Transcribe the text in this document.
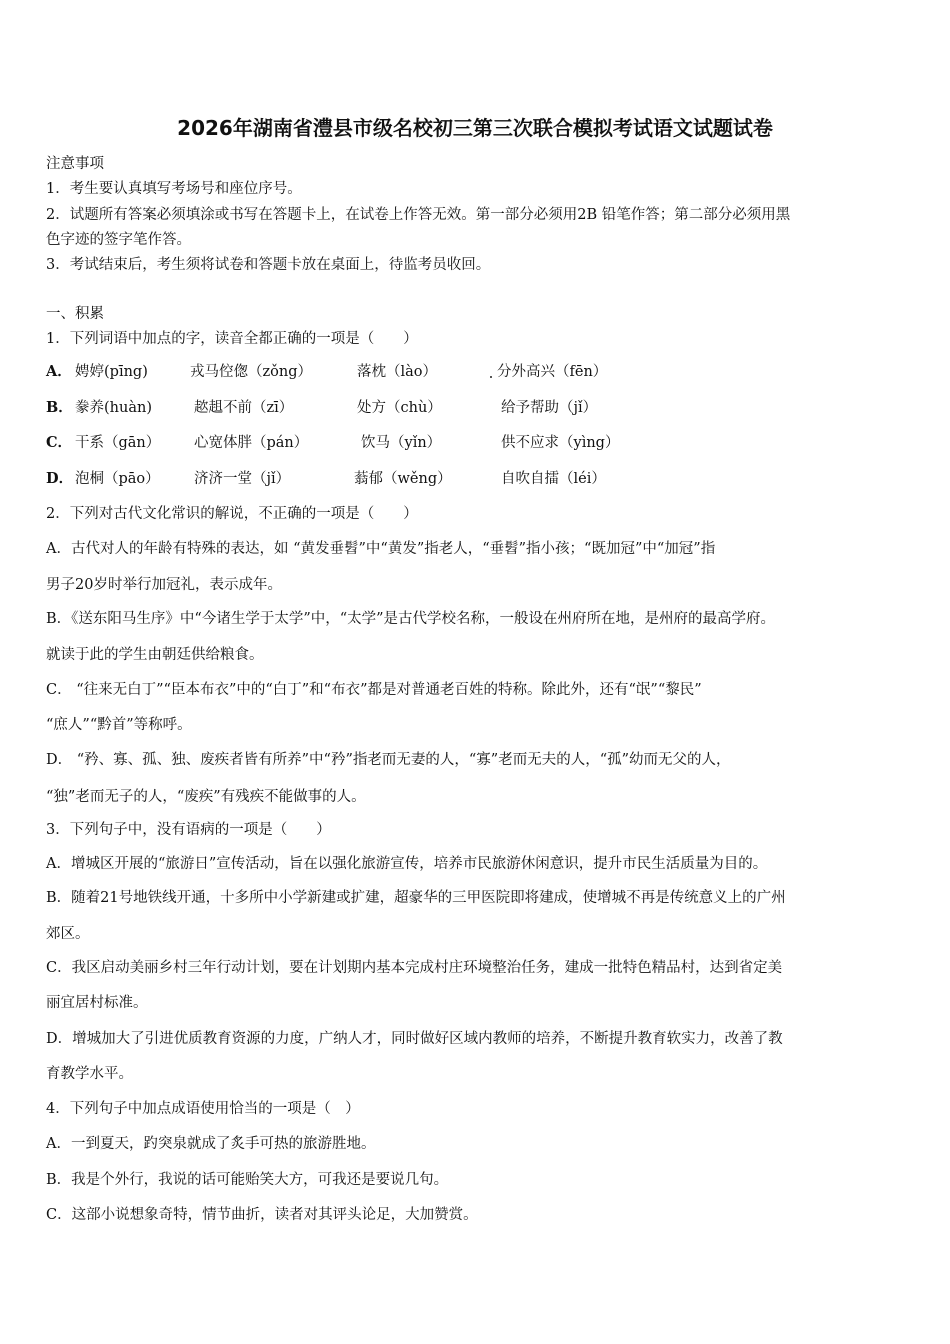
2026年湖南省澧县市级名校初三第三次联合模拟考试语文试题试卷
注意事项
1．考生要认真填写考场号和座位序号。
2．试题所有答案必须填涂或书写在答题卡上，在试卷上作答无效。第一部分必须用2B 铅笔作答；第二部分必须用黑
色字迹的签字笔作答。
3．考试结束后，考生须将试卷和答题卡放在桌面上，待监考员收回。
一、积累
1．下列词语中加点的字，读音全都正确的一项是（　　）
A． 娉婷(pīng)	戎马倥偬（zǒng）	落枕（lào）	分外高兴（fēn）
B． 豢养(huàn)	趑趄不前（zī）	处方（chù）	给予帮助（jǐ）
C． 干系（gān） 心宽体胖（pán）	饮马（yǐn）	供不应求（yìng）
D． 泡桐（pāo） 济济一堂（jǐ）	蓊郁（wěng）	自吹自擂（léi）
2．下列对古代文化常识的解说，不正确的一项是（　　）
A．古代对人的年龄有特殊的表达，如 “黄发垂髫”中“黄发”指老人，“垂髫”指小孩；“既加冠”中“加冠”指
男子20岁时举行加冠礼，表示成年。
B．《送东阳马生序》中“今诸生学于太学”中，“太学”是古代学校名称，一般设在州府所在地，是州府的最高学府。
就读于此的学生由朝廷供给粮食。
C． “往来无白丁”“臣本布衣”中的“白丁”和“布衣”都是对普通老百姓的特称。除此外，还有“氓”“黎民”
“庶人”“黔首”等称呼。
D． “矜、寡、孤、独、废疾者皆有所养”中“矜”指老而无妻的人，“寡”老而无夫的人，“孤”幼而无父的人，
“独”老而无子的人，“废疾”有残疾不能做事的人。
3．下列句子中，没有语病的一项是（　　）
A．增城区开展的“旅游日”宣传活动，旨在以强化旅游宣传，培养市民旅游休闲意识，提升市民生活质量为目的。
B．随着21号地铁线开通，十多所中小学新建或扩建，超豪华的三甲医院即将建成，使增城不再是传统意义上的广州
郊区。
C．我区启动美丽乡村三年行动计划，要在计划期内基本完成村庄环境整治任务，建成一批特色精品村，达到省定美
丽宜居村标准。
D．增城加大了引进优质教育资源的力度，广纳人才，同时做好区域内教师的培养，不断提升教育软实力，改善了教
育教学水平。
4．下列句子中加点成语使用恰当的一项是（　）
A．一到夏天，趵突泉就成了炙手可热的旅游胜地。
B．我是个外行，我说的话可能贻笑大方，可我还是要说几句。
C．这部小说想象奇特，情节曲折，读者对其评头论足，大加赞赏。
